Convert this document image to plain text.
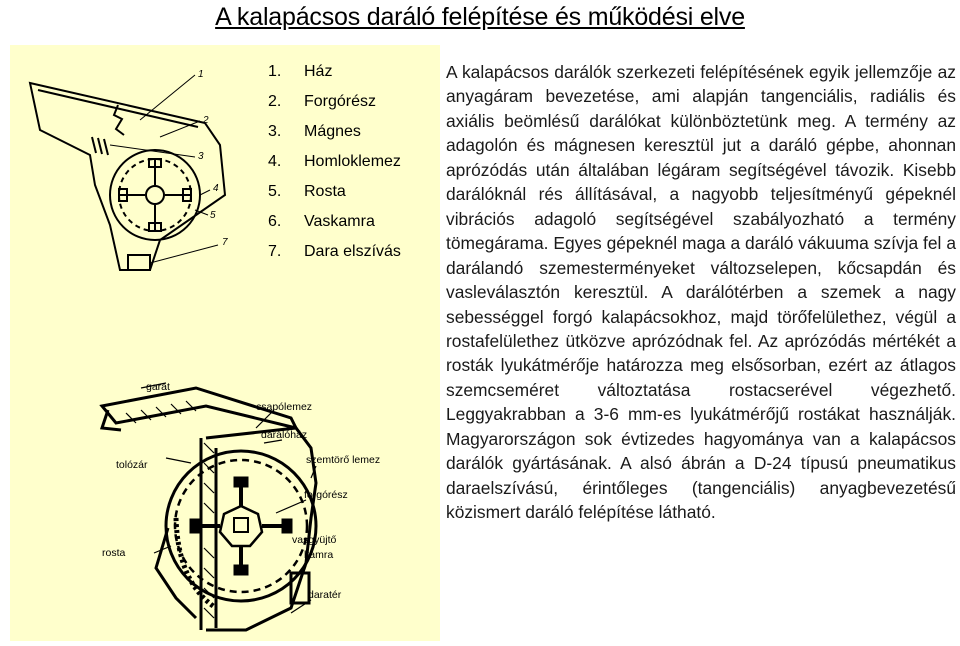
A kalapácsos daráló felépítése és működési elve
1
2
3
4
5
7
1. Ház
2. Forgórész
3. Mágnes
4. Homloklemez
5. Rosta
6. Vaskamra
7. Dara elszívás
garat
csapólemez
darálóház
tolózár	szemtörő lemez
forgórész
vasgyüjtő
kamra
daratér
rosta

A kalapácsos darálók szerkezeti felépítésének egyik jellemzője az anyagáram bevezetése, ami alapján tangenciális, radiális és axiális beömlésű darálókat különböztetünk meg. A termény az adagolón és mágnesen keresztül jut a daráló gépbe, ahonnan aprózódás után általában légáram segítségével távozik. Kisebb darálóknál rés állításával, a nagyobb teljesítményű gépeknél vibrációs adagoló segítségével szabályozható a termény tömegárama. Egyes gépeknél maga a daráló vákuuma szívja fel a darálandó szemesterményeket változselepen, kőcsapdán és vasleválasztón keresztül. A darálótérben a szemek a nagy sebességgel forgó kalapácsokhoz, majd törőfelülethez, végül a rostafelülethez ütközve aprózódnak fel. Az aprózódás mértékét a rosták lyukátmérője határozza meg elsősorban, ezért az átlagos szemcseméret változtatása rostacserével végezhető. Leggyakrabban a 3-6 mm-es lyukátmérőjű rostákat használják. Magyarországon sok évtizedes hagyománya van a kalapácsos darálók gyártásának. A alsó ábrán a D-24 típusú pneumatikus daraelszívású, érintőleges (tangenciális) anyagbevezetésű közismert daráló felépítése látható.
